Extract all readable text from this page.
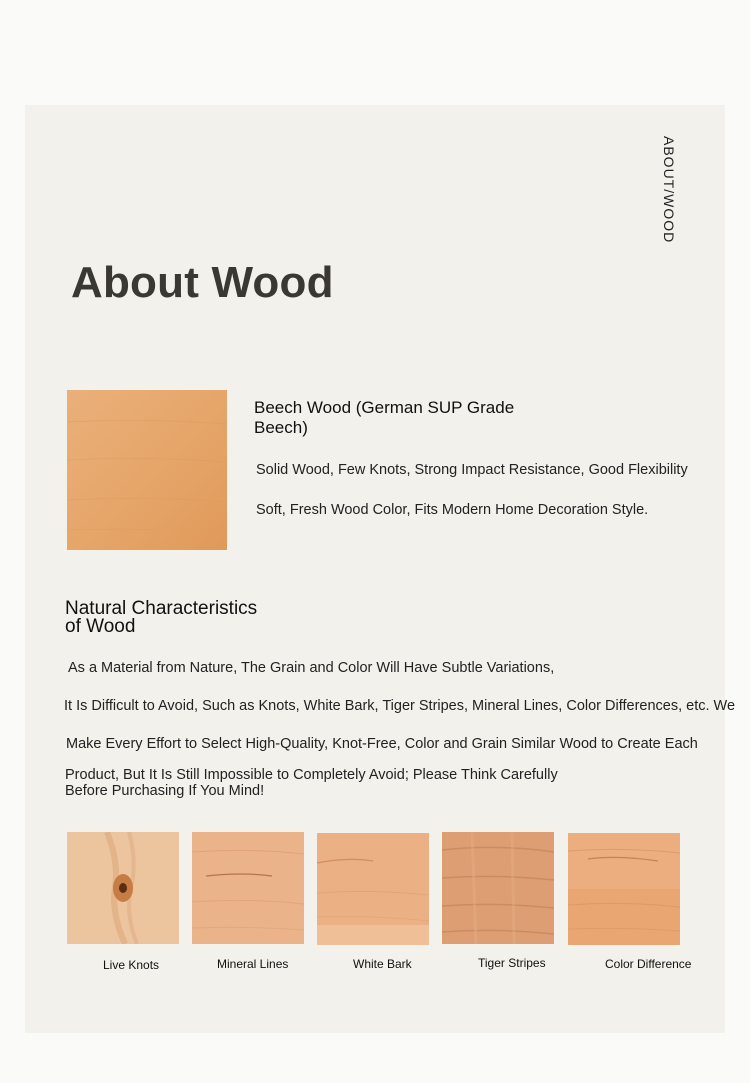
ABOUT/WOOD
About Wood
Beech Wood (German SUP Grade Beech)
Solid Wood, Few Knots, Strong Impact Resistance, Good Flexibility
Soft, Fresh Wood Color, Fits Modern Home Decoration Style.
Natural Characteristics
of Wood
As a Material from Nature, The Grain and Color Will Have Subtle Variations,
It Is Difficult to Avoid, Such as Knots, White Bark, Tiger Stripes, Mineral Lines, Color Differences, etc. We
Make Every Effort to Select High-Quality, Knot-Free, Color and Grain Similar Wood to Create Each
Product, But It Is Still Impossible to Completely Avoid; Please Think Carefully
Before Purchasing If You Mind!
Live Knots	Mineral Lines	White Bark	Tiger Stripes	Color Difference
